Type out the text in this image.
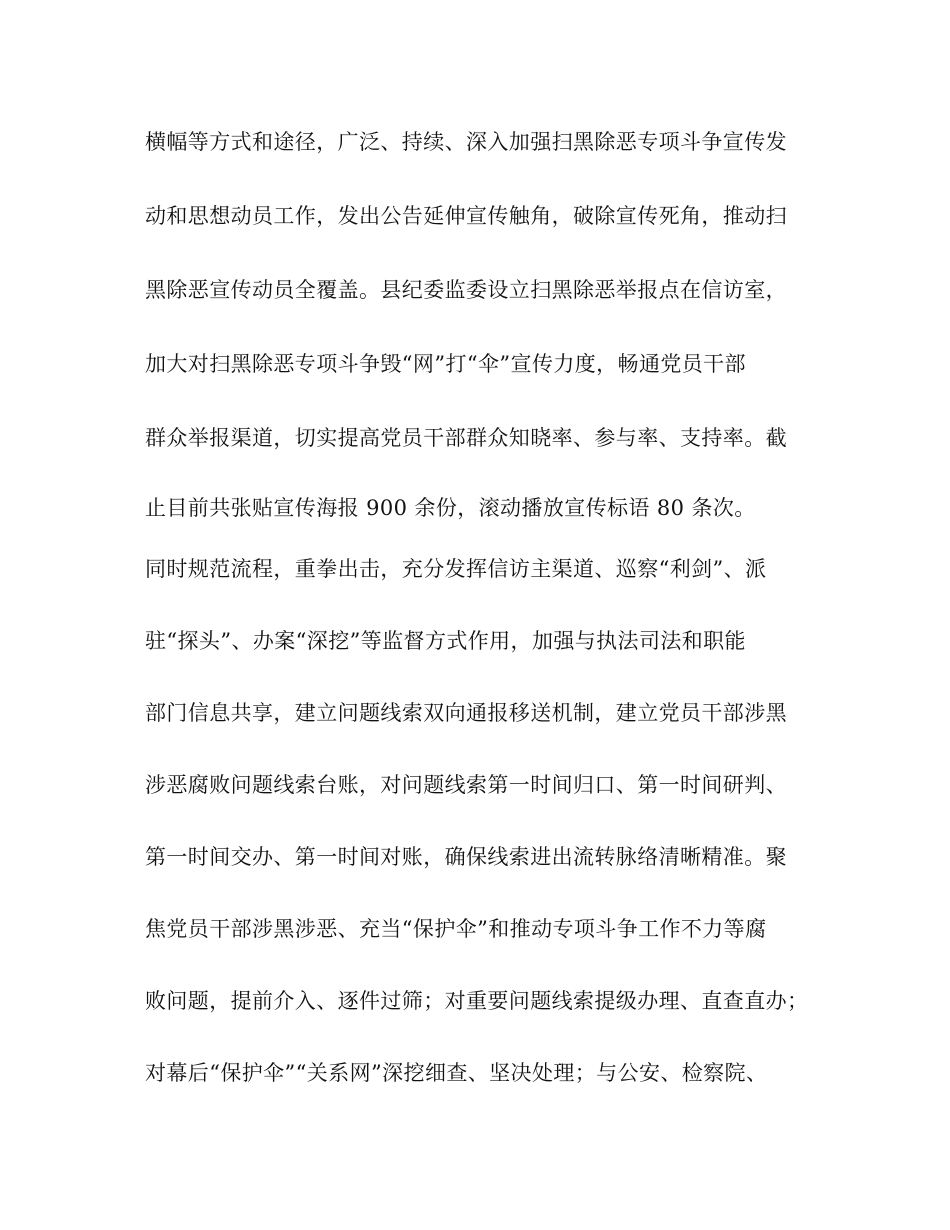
横幅等方式和途径，广泛、持续、深入加强扫黑除恶专项斗争宣传发
动和思想动员工作，发出公告延伸宣传触角，破除宣传死角，推动扫
黑除恶宣传动员全覆盖。县纪委监委设立扫黑除恶举报点在信访室，
加大对扫黑除恶专项斗争毁“网”打“伞”宣传力度，畅通党员干部
群众举报渠道，切实提高党员干部群众知晓率、参与率、支持率。截
止目前共张贴宣传海报 900 余份，滚动播放宣传标语 80 条次。
同时规范流程，重拳出击，充分发挥信访主渠道、巡察“利剑”、派
驻“探头”、办案“深挖”等监督方式作用，加强与执法司法和职能
部门信息共享，建立问题线索双向通报移送机制，建立党员干部涉黑
涉恶腐败问题线索台账，对问题线索第一时间归口、第一时间研判、
第一时间交办、第一时间对账，确保线索进出流转脉络清晰精准。聚
焦党员干部涉黑涉恶、充当“保护伞”和推动专项斗争工作不力等腐
败问题，提前介入、逐件过筛；对重要问题线索提级办理、直查直办；
对幕后“保护伞”“关系网”深挖细查、坚决处理；与公安、检察院、
